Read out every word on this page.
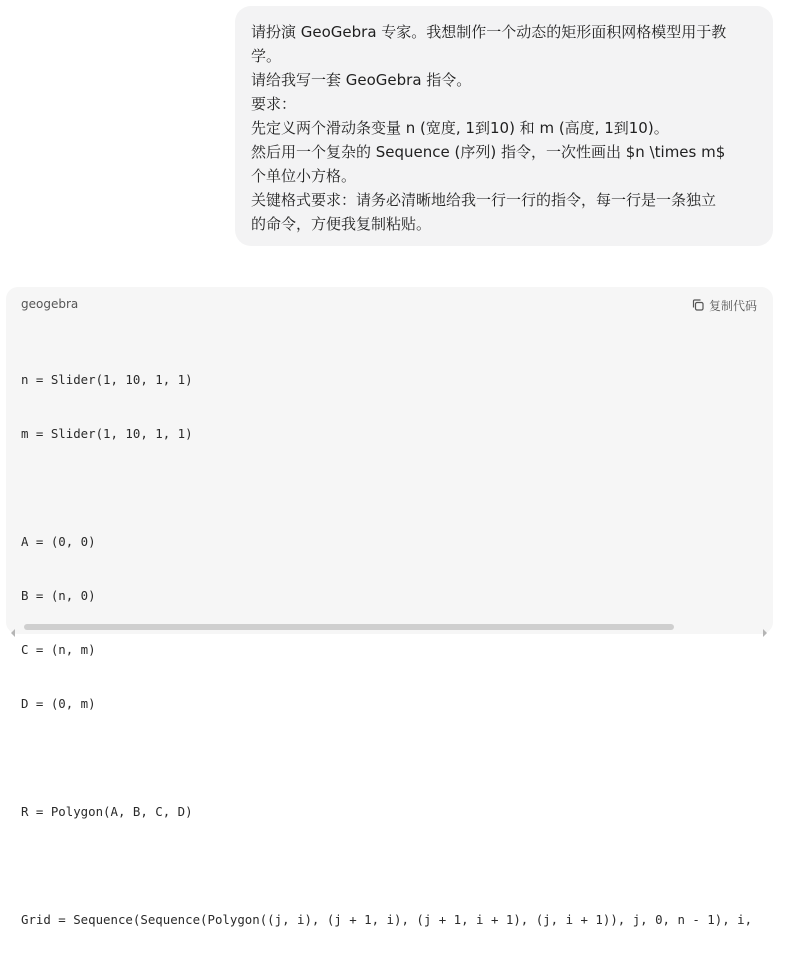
请扮演 GeoGebra 专家。我想制作一个动态的矩形面积网格模型用于教
学。
请给我写一套 GeoGebra 指令。
要求：
先定义两个滑动条变量 n (宽度, 1到10) 和 m (高度, 1到10)。
然后用一个复杂的 Sequence (序列) 指令，一次性画出 $n \times m$
个单位小方格。
关键格式要求：请务必清晰地给我一行一行的指令，每一行是一条独立
的命令，方便我复制粘贴。
geogebra	复制代码

n = Slider(1, 10, 1, 1)

m = Slider(1, 10, 1, 1)

A = (0, 0)

B = (n, 0)

C = (n, m)

D = (0, m)

R = Polygon(A, B, C, D)

Grid = Sequence(Sequence(Polygon((j, i), (j + 1, i), (j + 1, i + 1), (j, i + 1)), j, 0, n - 1), i,
